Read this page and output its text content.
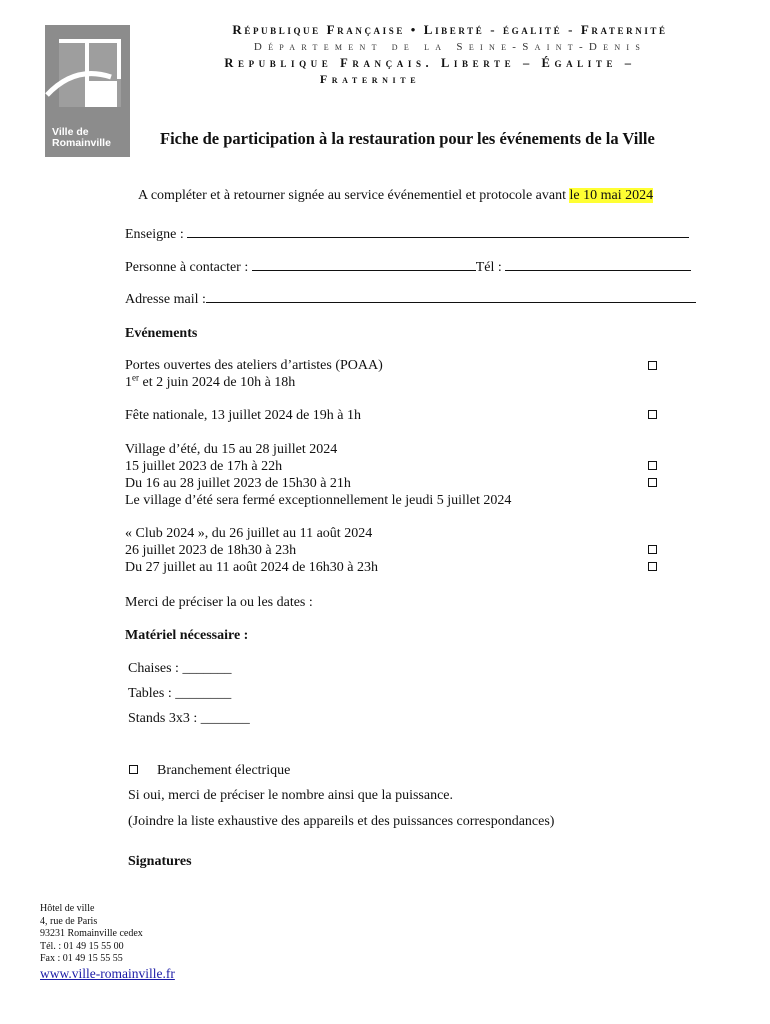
Ville de
Romainville
République Française • Liberté - égalité - Fraternité
Département de la Seine-Saint-Denis
Republique Français. Liberte – Égalite –
Fraternite
Fiche de participation à la restauration pour les événements de la Ville
A compléter et à retourner signée au service événementiel et protocole avant le 10 mai 2024
Enseigne :
Personne à contacter :	Tél :
Adresse mail :
Evénements
Portes ouvertes des ateliers d’artistes (POAA)
1er et 2 juin 2024 de 10h à 18h
Fête nationale, 13 juillet 2024 de 19h à 1h
Village d’été, du 15 au 28 juillet 2024
15 juillet 2023 de 17h à 22h
Du 16 au 28 juillet 2023 de 15h30 à 21h
Le village d’été sera fermé exceptionnellement le jeudi 5 juillet 2024
« Club 2024 », du 26 juillet au 11 août 2024
26 juillet 2023 de 18h30 à 23h
Du 27 juillet au 11 août 2024 de 16h30 à 23h
Merci de préciser la ou les dates :
Matériel nécessaire :
Chaises : _______
Tables : ________
Stands 3x3 : _______
Branchement électrique
Si oui, merci de préciser le nombre ainsi que la puissance.
(Joindre la liste exhaustive des appareils et des puissances correspondances)
Signatures
Hôtel de ville
4, rue de Paris
93231 Romainville cedex
Tél. : 01 49 15 55 00
Fax : 01 49 15 55 55
www.ville-romainville.fr
